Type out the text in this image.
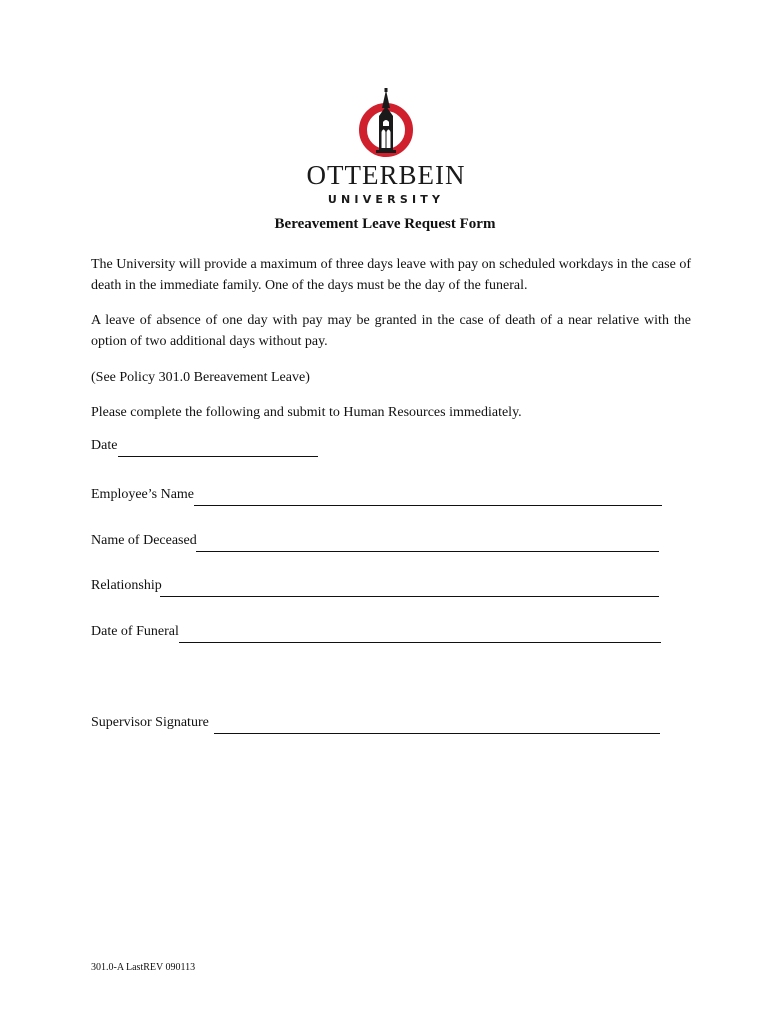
OTTERBEIN
UNIVERSITY
Bereavement Leave Request Form
The University will provide a maximum of three days leave with pay on scheduled workdays in the case of death in the immediate family. One of the days must be the day of the funeral.
A leave of absence of one day with pay may be granted in the case of death of a near relative with the option of two additional days without pay.
(See Policy 301.0 Bereavement Leave)
Please complete the following and submit to Human Resources immediately.
Date
Employee’s Name
Name of Deceased
Relationship
Date of Funeral
Supervisor Signature
301.0-A LastREV 090113
